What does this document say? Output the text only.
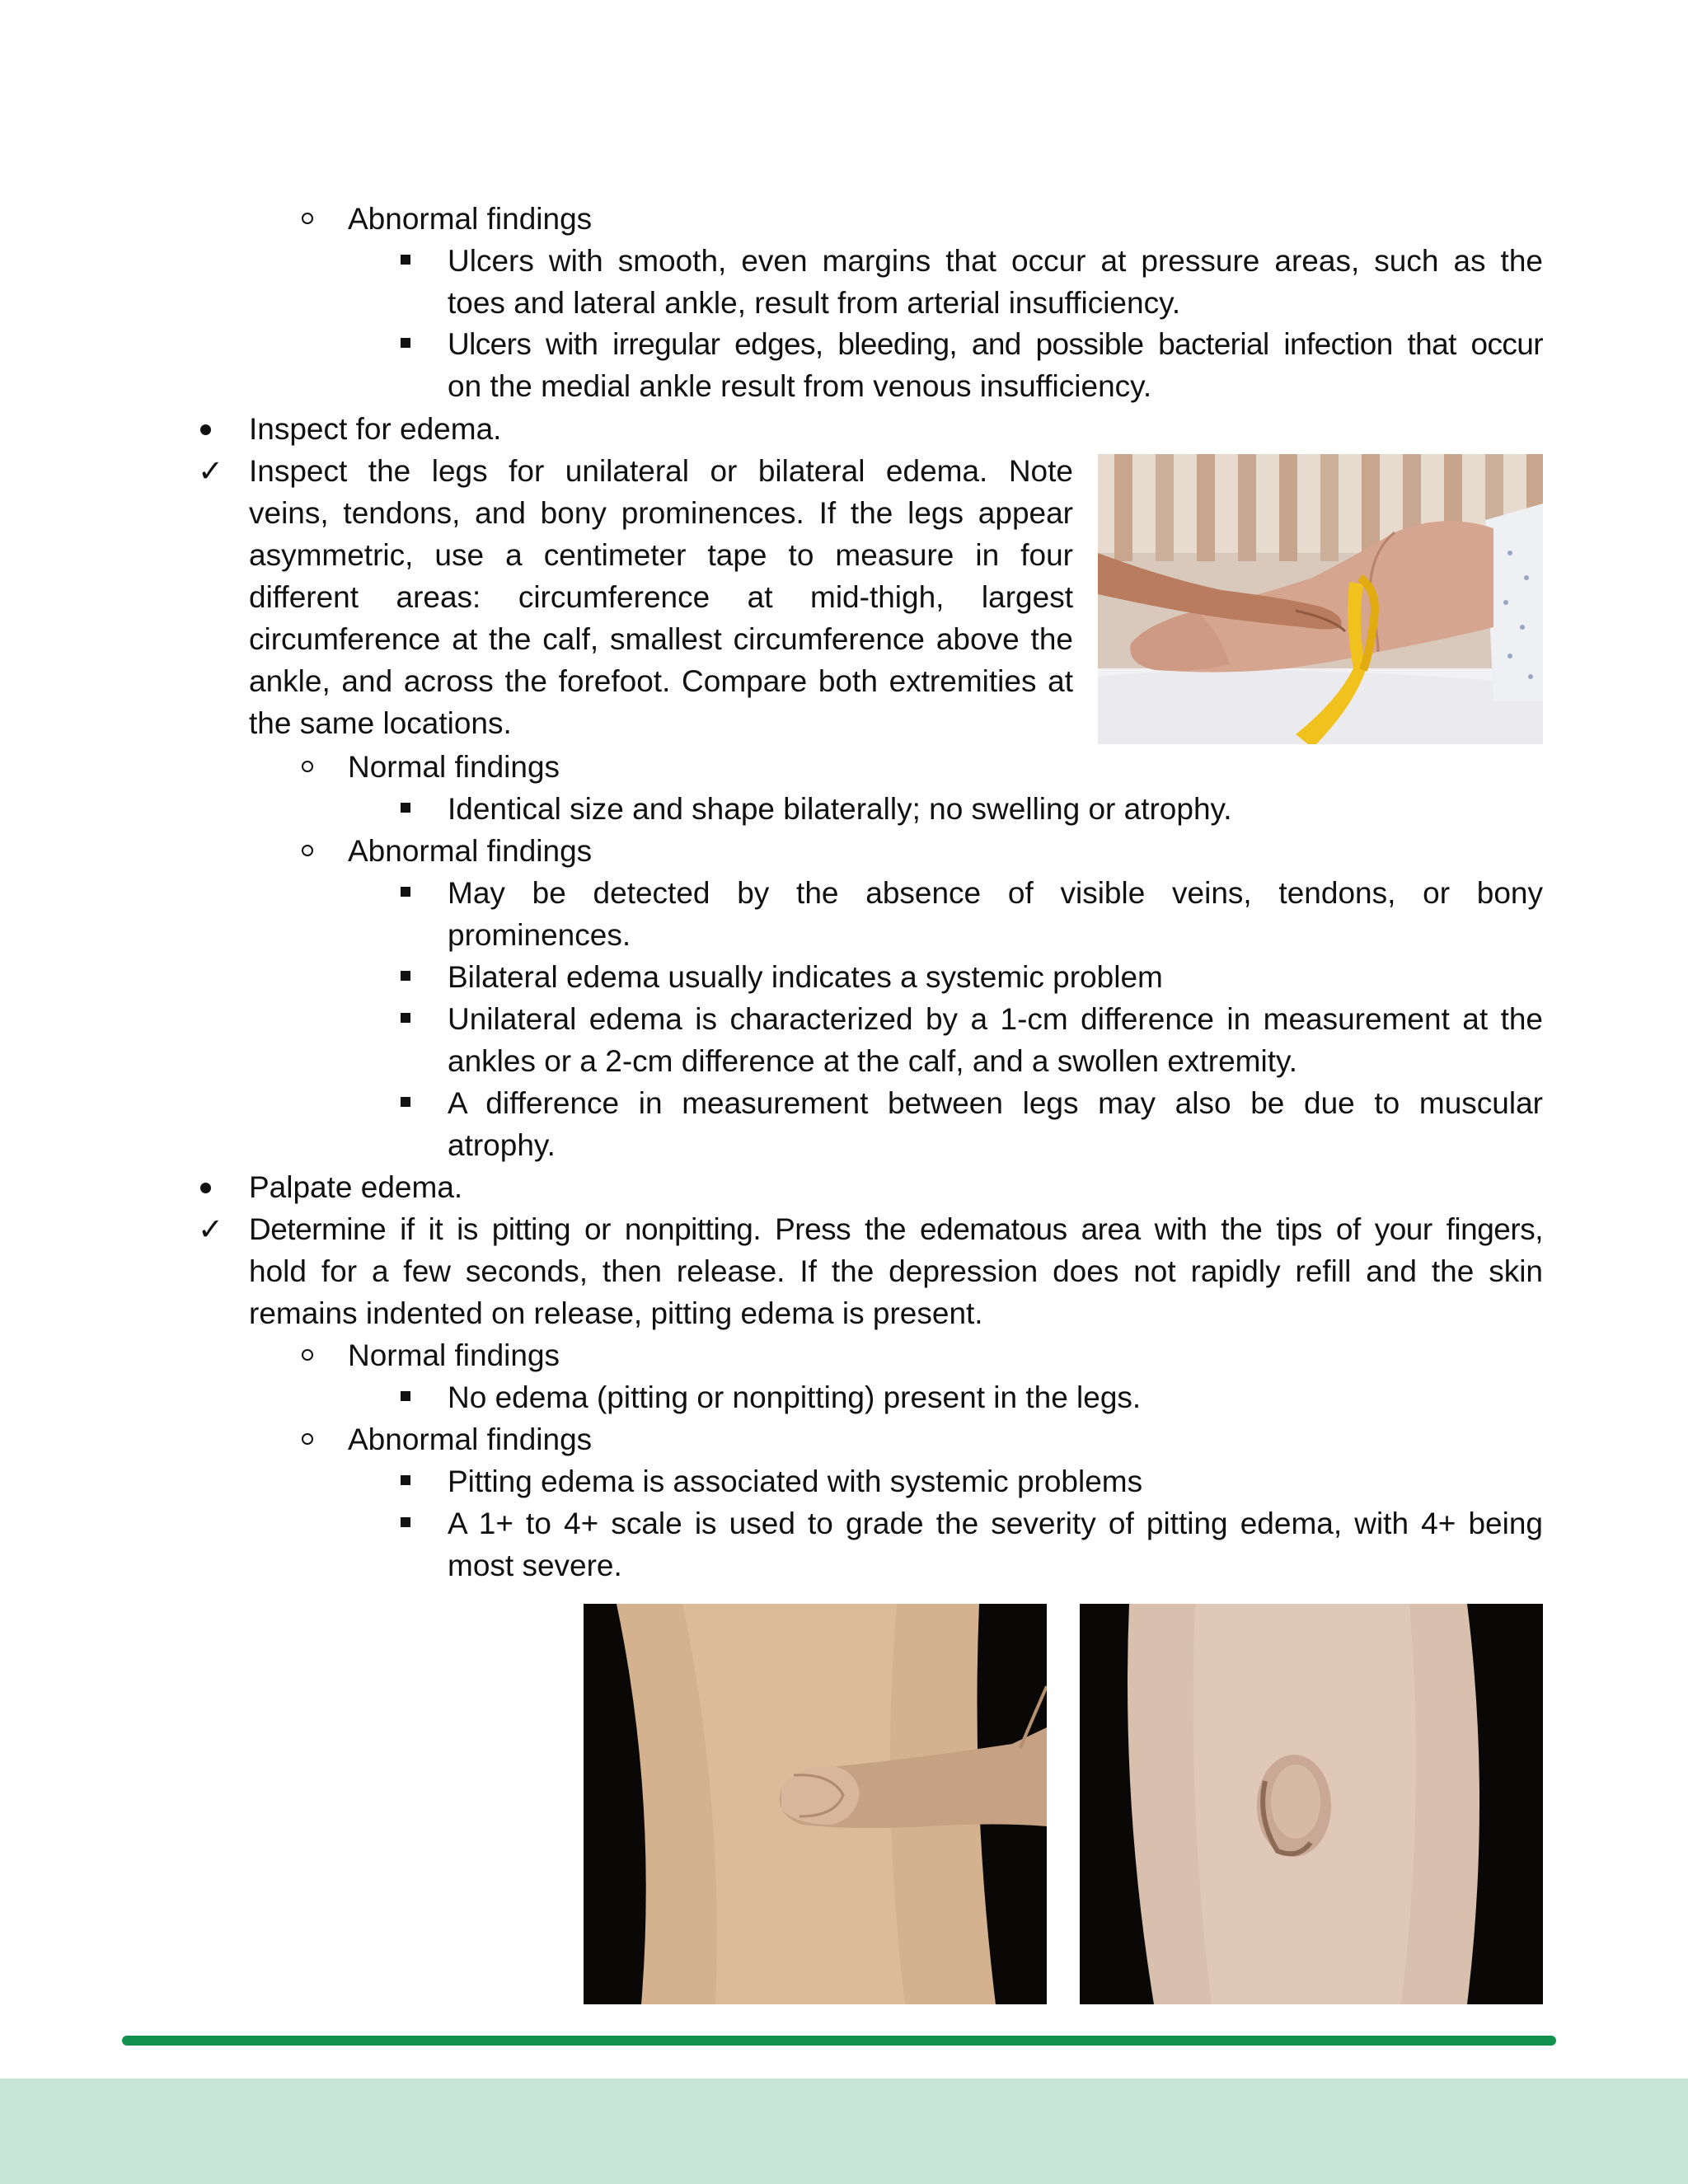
Abnormal findings
Ulcers with smooth, even margins that occur at pressure areas, such as the
toes and lateral ankle, result from arterial insufficiency.
Ulcers with irregular edges, bleeding, and possible bacterial infection that occur
on the medial ankle result from venous insufficiency.
Inspect for edema.
✓ Inspect the legs for unilateral or bilateral edema. Note
veins, tendons, and bony prominences. If the legs appear
asymmetric, use a centimeter tape to measure in four
different areas: circumference at mid-thigh, largest
circumference at the calf, smallest circumference above the
ankle, and across the forefoot. Compare both extremities at
the same locations.
Normal findings
Identical size and shape bilaterally; no swelling or atrophy.
Abnormal findings
May be detected by the absence of visible veins, tendons, or bony
prominences.
Bilateral edema usually indicates a systemic problem
Unilateral edema is characterized by a 1-cm difference in measurement at the
ankles or a 2-cm difference at the calf, and a swollen extremity.
A difference in measurement between legs may also be due to muscular
atrophy.
Palpate edema.
✓ Determine if it is pitting or nonpitting. Press the edematous area with the tips of your fingers,
hold for a few seconds, then release. If the depression does not rapidly refill and the skin
remains indented on release, pitting edema is present.
Normal findings
No edema (pitting or nonpitting) present in the legs.
Abnormal findings
Pitting edema is associated with systemic problems
A 1+ to 4+ scale is used to grade the severity of pitting edema, with 4+ being
most severe.
